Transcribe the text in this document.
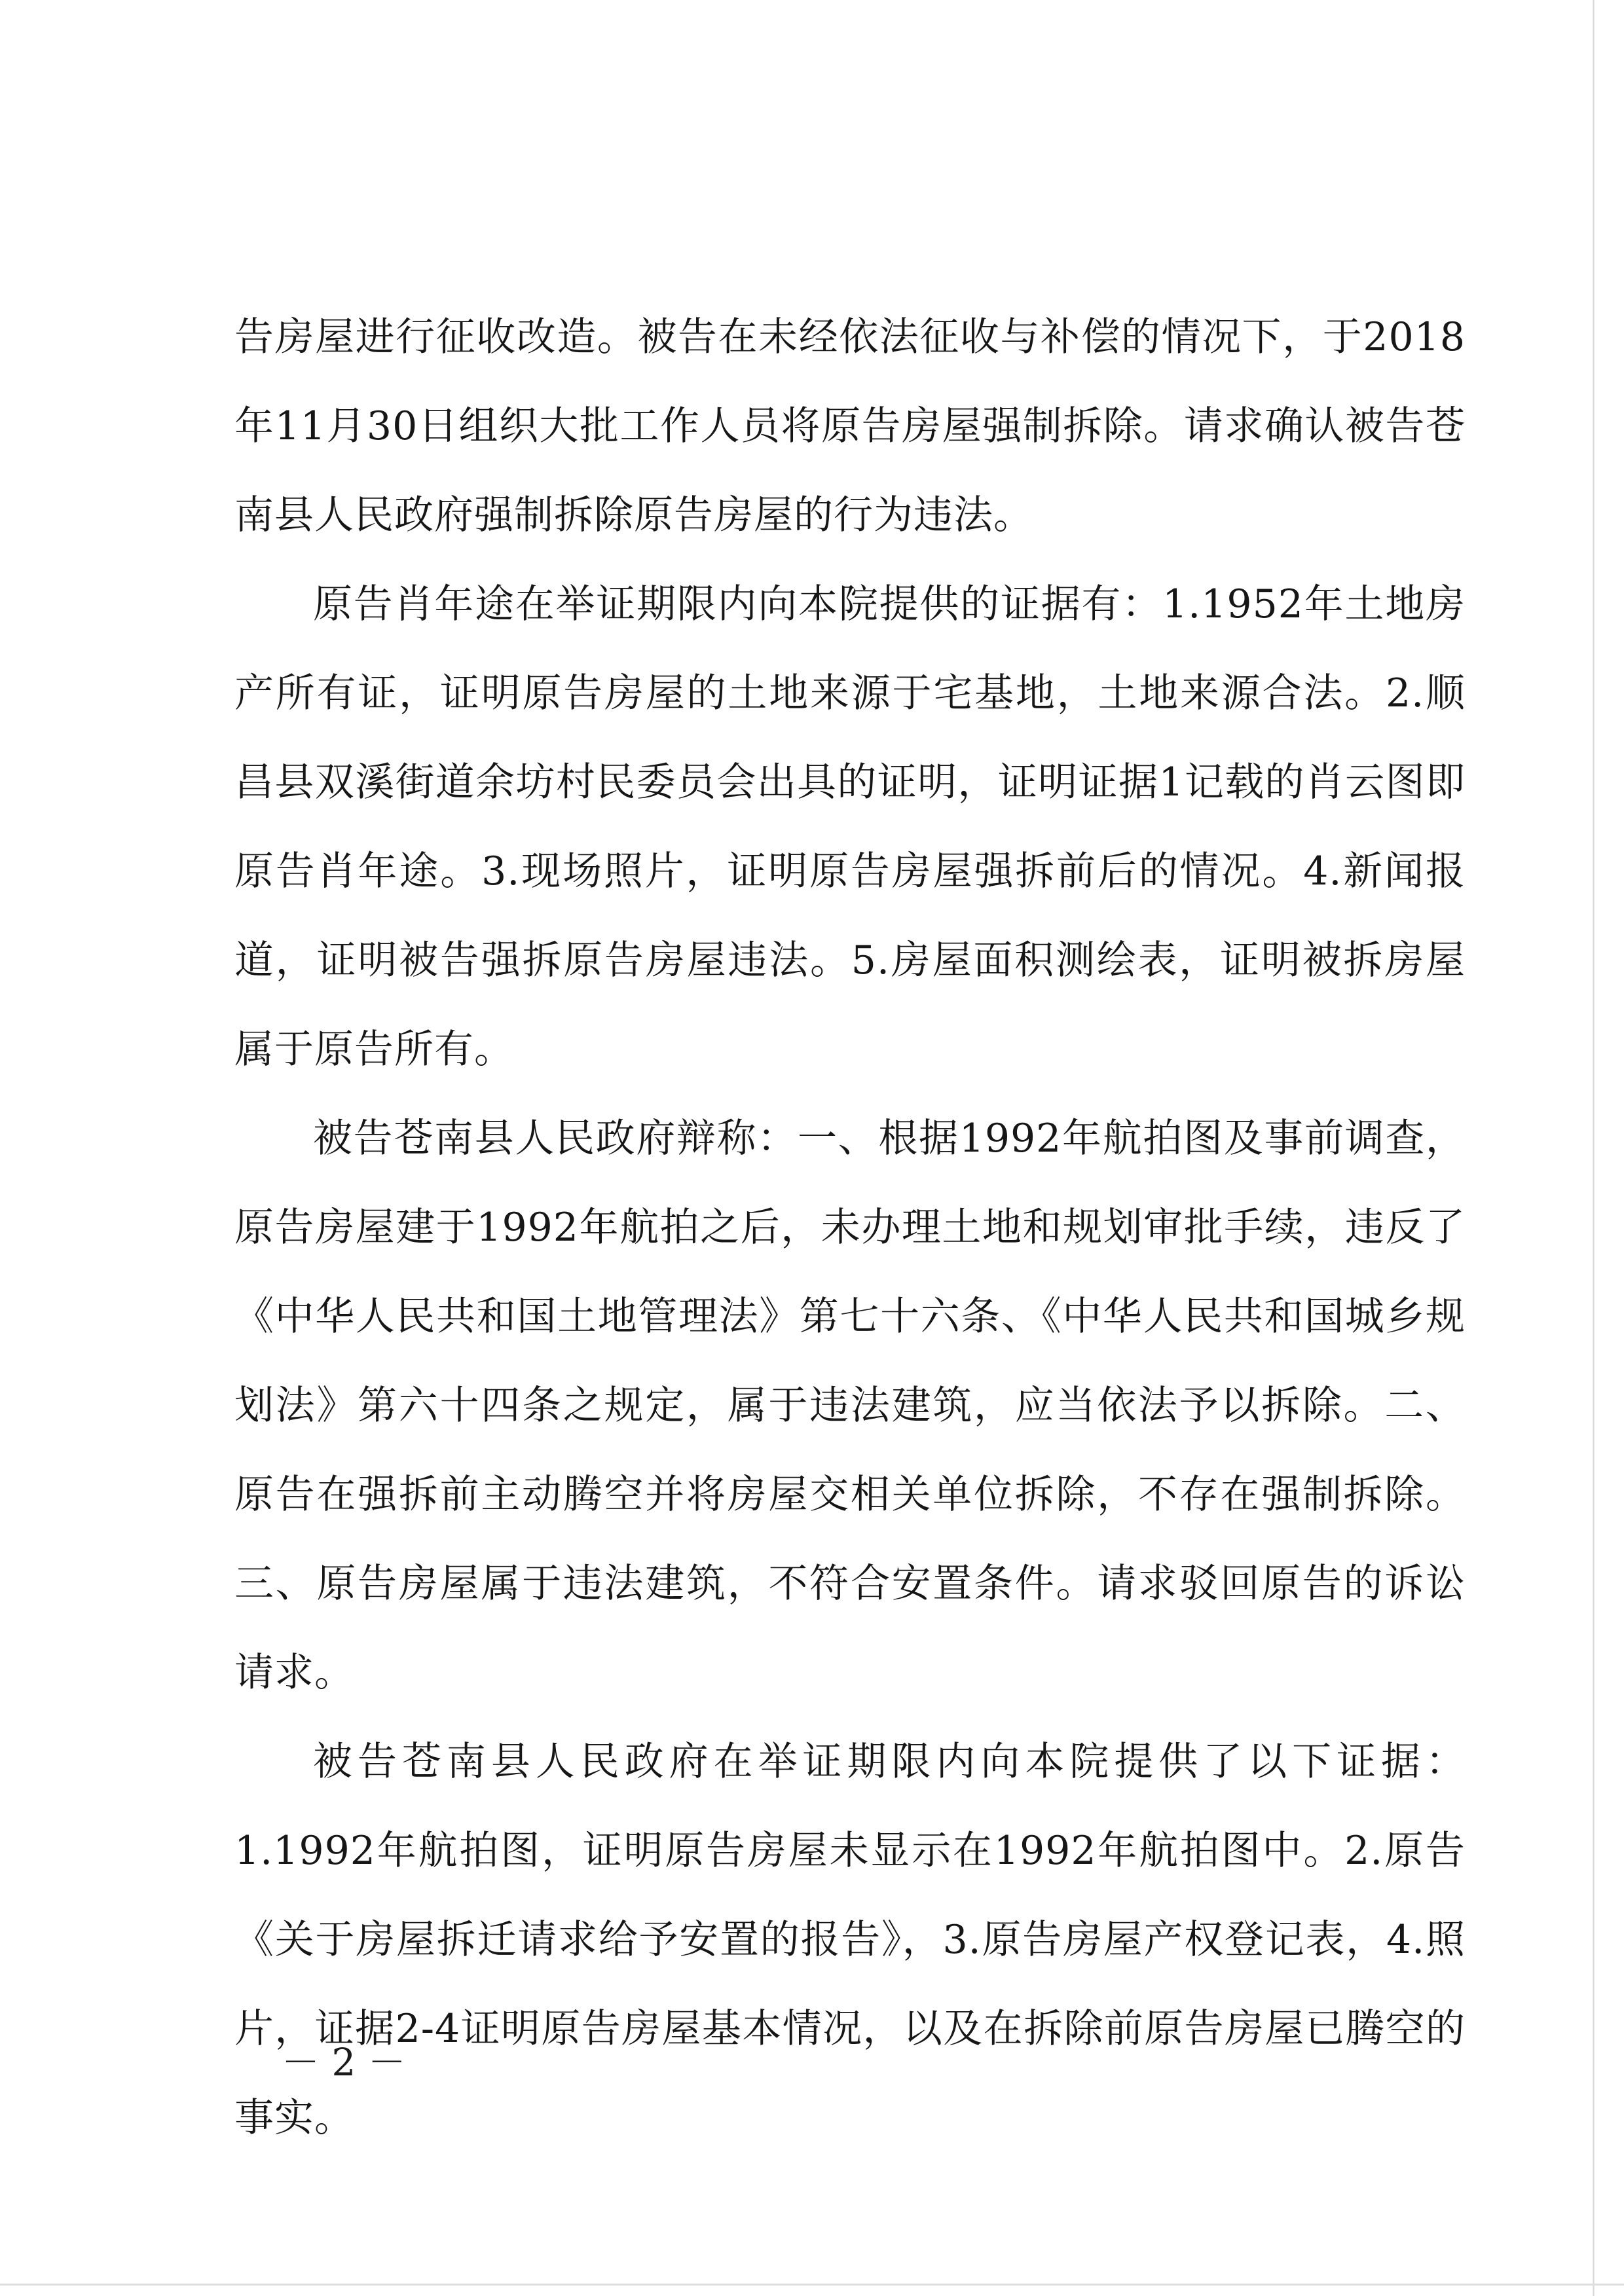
告房屋进行征收改造。被告在未经依法征收与补偿的情况下，于2018年11月30日组织大批工作人员将原告房屋强制拆除。请求确认被告苍南县人民政府强制拆除原告房屋的行为违法。

原告肖年途在举证期限内向本院提供的证据有：1.1952年土地房产所有证，证明原告房屋的土地来源于宅基地，土地来源合法。2.顺昌县双溪街道余坊村民委员会出具的证明，证明证据1记载的肖云图即原告肖年途。3.现场照片，证明原告房屋强拆前后的情况。4.新闻报道，证明被告强拆原告房屋违法。5.房屋面积测绘表，证明被拆房屋属于原告所有。

被告苍南县人民政府辩称：一、根据1992年航拍图及事前调查，原告房屋建于1992年航拍之后，未办理土地和规划审批手续，违反了《中华人民共和国土地管理法》第七十六条、《中华人民共和国城乡规划法》第六十四条之规定，属于违法建筑，应当依法予以拆除。二、原告在强拆前主动腾空并将房屋交相关单位拆除，不存在强制拆除。三、原告房屋属于违法建筑，不符合安置条件。请求驳回原告的诉讼请求。

被告苍南县人民政府在举证期限内向本院提供了以下证据：1.1992年航拍图，证明原告房屋未显示在1992年航拍图中。2.原告《关于房屋拆迁请求给予安置的报告》，3.原告房屋产权登记表，4.照片，证据2-4证明原告房屋基本情况，以及在拆除前原告房屋已腾空的事实。

－ 2 －
